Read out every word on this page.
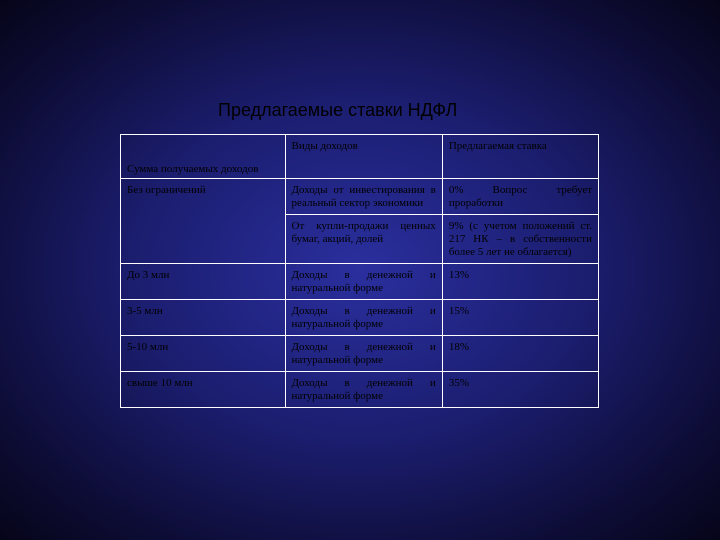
Предлагаемые ставки НДФЛ
Сумма получаемых доходов	Виды доходов	Предлагаемая ставка
Без ограничений	Доходы от инвестирования в реальный сектор экономики	0% Вопрос требует проработки
	От купли-продажи ценных бумаг, акций, долей	9% (с учетом положений ст. 217 НК – в собственности более 5 лет не облагается)
До 3 млн	Доходы в денежной и натуральной форме	13%
3-5 млн	Доходы в денежной и натуральной форме	15%
5-10 млн	Доходы в денежной и натуральной форме	18%
свыше 10 млн	Доходы в денежной и натуральной форме	35%
